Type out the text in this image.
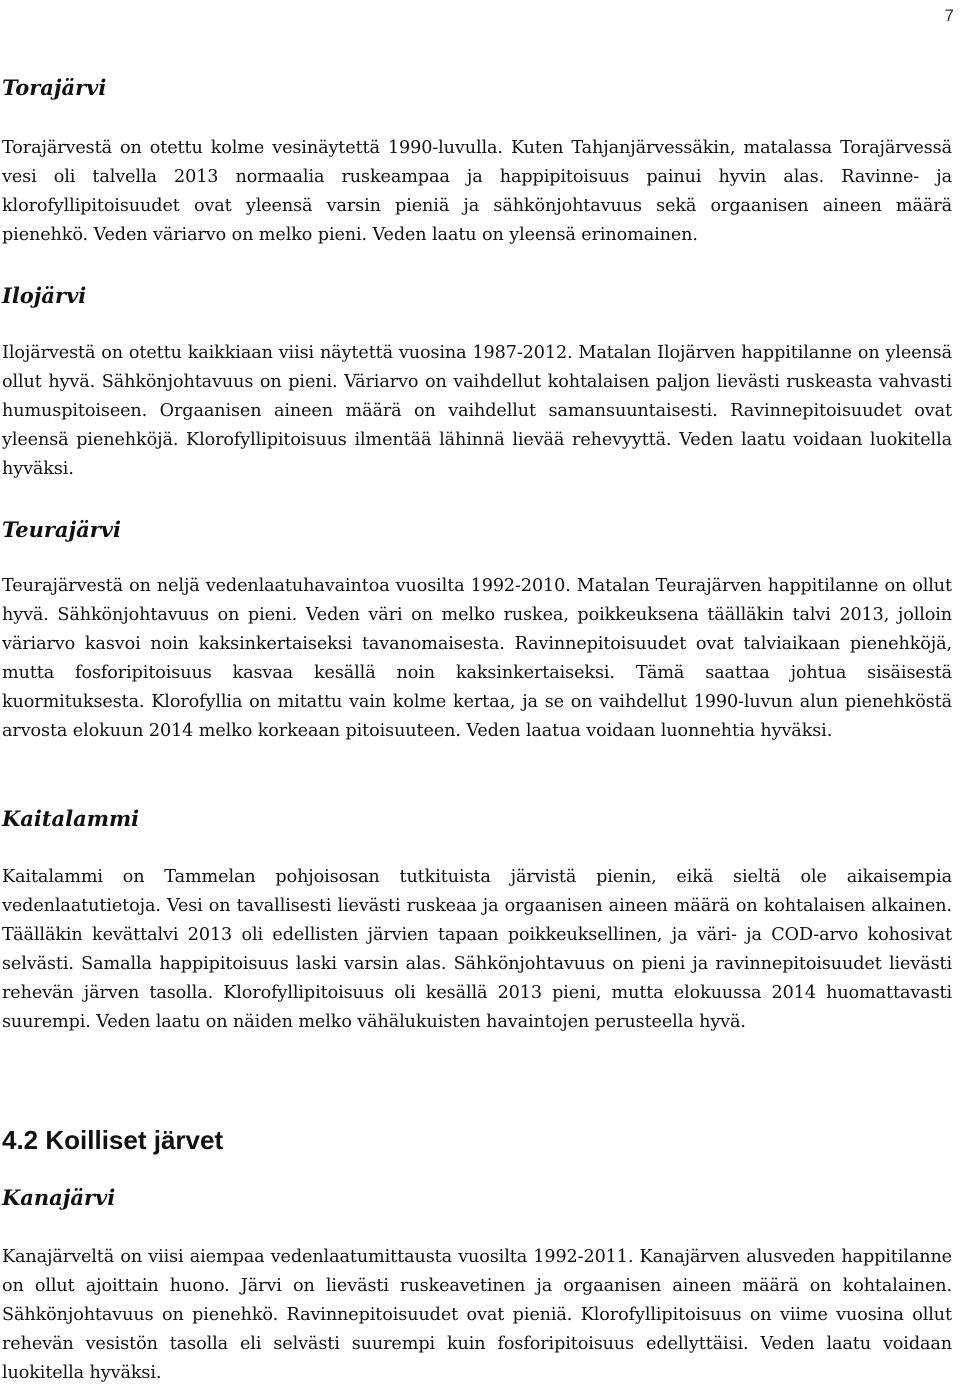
7
Torajärvi

Torajärvestä on otettu kolme vesinäytettä 1990-luvulla. Kuten Tahjanjärvessäkin, matalassa Torajärvessä vesi oli talvella 2013 normaalia ruskeampaa ja happipitoisuus painui hyvin alas. Ravinne- ja klorofyllipitoisuudet ovat yleensä varsin pieniä ja sähkönjohtavuus sekä orgaanisen aineen määrä pienehkö. Veden väriarvo on melko pieni. Veden laatu on yleensä erinomainen.

Ilojärvi

Ilojärvestä on otettu kaikkiaan viisi näytettä vuosina 1987-2012. Matalan Ilojärven happitilanne on yleensä ollut hyvä. Sähkönjohtavuus on pieni. Väriarvo on vaihdellut kohtalaisen paljon lievästi ruskeasta vahvasti humuspitoiseen. Orgaanisen aineen määrä on vaihdellut samansuuntaisesti. Ravinnepitoisuudet ovat yleensä pienehköjä. Klorofyllipitoisuus ilmentää lähinnä lievää rehevyyttä. Veden laatu voidaan luokitella hyväksi.

Teurajärvi

Teurajärvestä on neljä vedenlaatuhavaintoa vuosilta 1992-2010. Matalan Teurajärven happitilanne on ollut hyvä. Sähkönjohtavuus on pieni. Veden väri on melko ruskea, poikkeuksena täälläkin talvi 2013, jolloin väriarvo kasvoi noin kaksinkertaiseksi tavanomaisesta. Ravinnepitoisuudet ovat talviaikaan pienehköjä, mutta fosforipitoisuus kasvaa kesällä noin kaksinkertaiseksi. Tämä saattaa johtua sisäisestä kuormituksesta. Klorofyllia on mitattu vain kolme kertaa, ja se on vaihdellut 1990-luvun alun pienehköstä arvosta elokuun 2014 melko korkeaan pitoisuuteen. Veden laatua voidaan luonnehtia hyväksi.

Kaitalammi

Kaitalammi on Tammelan pohjoisosan tutkituista järvistä pienin, eikä sieltä ole aikaisempia vedenlaatutietoja. Vesi on tavallisesti lievästi ruskeaa ja orgaanisen aineen määrä on kohtalaisen alkainen. Täälläkin kevättalvi 2013 oli edellisten järvien tapaan poikkeuksellinen, ja väri- ja COD-arvo kohosivat selvästi. Samalla happipitoisuus laski varsin alas. Sähkönjohtavuus on pieni ja ravinnepitoisuudet lievästi rehevän järven tasolla. Klorofyllipitoisuus oli kesällä 2013 pieni, mutta elokuussa 2014 huomattavasti suurempi. Veden laatu on näiden melko vähälukuisten havaintojen perusteella hyvä.

4.2 Koilliset järvet
Kanajärvi

Kanajärveltä on viisi aiempaa vedenlaatumittausta vuosilta 1992-2011. Kanajärven alusveden happitilanne on ollut ajoittain huono. Järvi on lievästi ruskeavetinen ja orgaanisen aineen määrä on kohtalainen. Sähkönjohtavuus on pienehkö. Ravinnepitoisuudet ovat pieniä. Klorofyllipitoisuus on viime vuosina ollut rehevän vesistön tasolla eli selvästi suurempi kuin fosforipitoisuus edellyttäisi. Veden laatu voidaan luokitella hyväksi.
